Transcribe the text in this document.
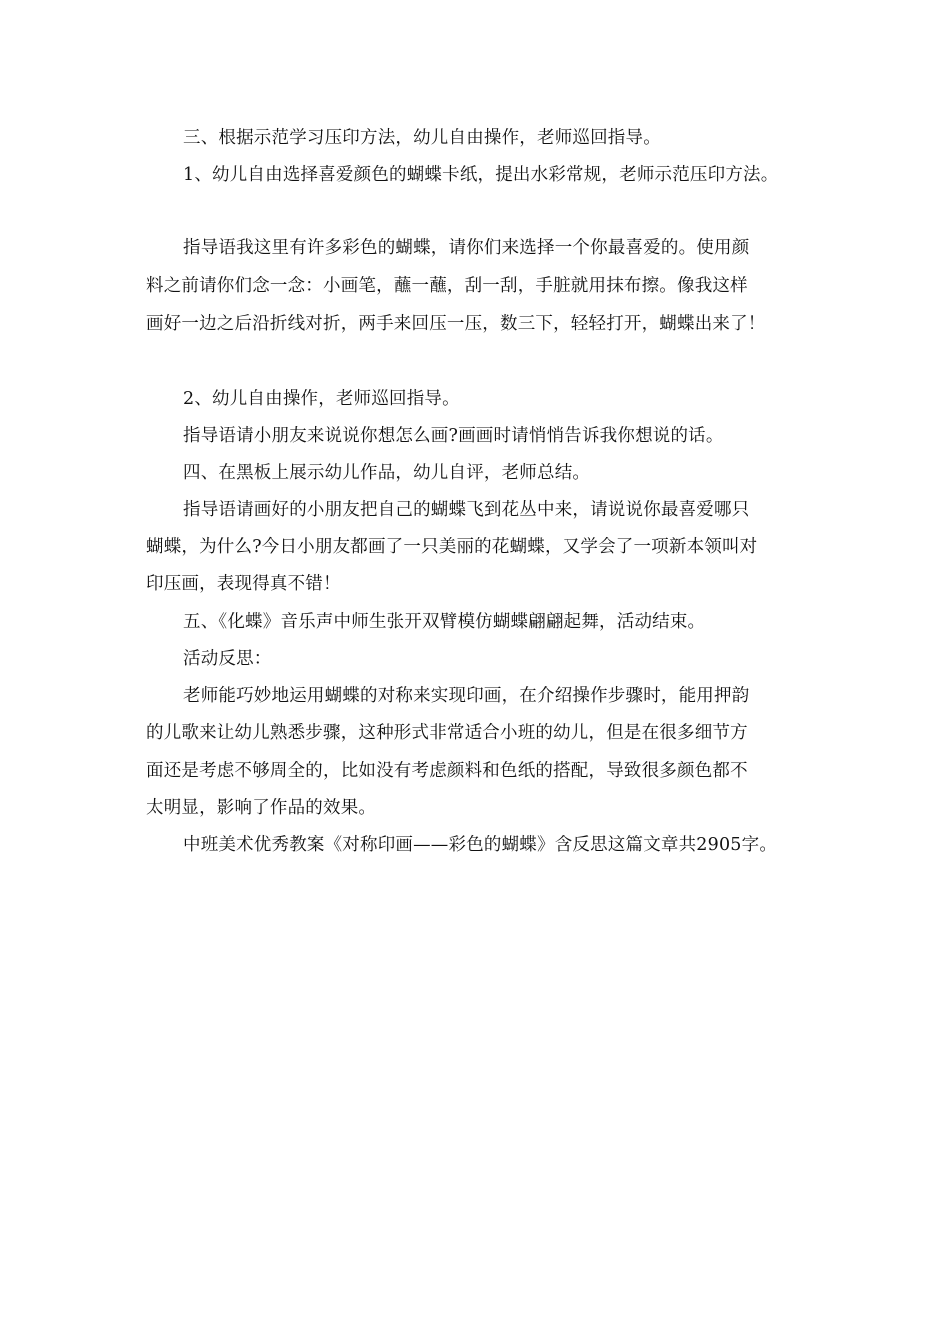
三、根据示范学习压印方法，幼儿自由操作，老师巡回指导。
1、幼儿自由选择喜爱颜色的蝴蝶卡纸，提出水彩常规，老师示范压印方法。
指导语我这里有许多彩色的蝴蝶，请你们来选择一个你最喜爱的。使用颜
料之前请你们念一念：小画笔，蘸一蘸，刮一刮，手脏就用抹布擦。像我这样
画好一边之后沿折线对折，两手来回压一压，数三下，轻轻打开，蝴蝶出来了！
2、幼儿自由操作，老师巡回指导。
指导语请小朋友来说说你想怎么画?画画时请悄悄告诉我你想说的话。
四、在黑板上展示幼儿作品，幼儿自评，老师总结。
指导语请画好的小朋友把自己的蝴蝶飞到花丛中来，请说说你最喜爱哪只
蝴蝶，为什么?今日小朋友都画了一只美丽的花蝴蝶，又学会了一项新本领叫对
印压画，表现得真不错！
五、《化蝶》音乐声中师生张开双臂模仿蝴蝶翩翩起舞，活动结束。
活动反思：
老师能巧妙地运用蝴蝶的对称来实现印画，在介绍操作步骤时，能用押韵
的儿歌来让幼儿熟悉步骤，这种形式非常适合小班的幼儿，但是在很多细节方
面还是考虑不够周全的，比如没有考虑颜料和色纸的搭配，导致很多颜色都不
太明显，影响了作品的效果。
中班美术优秀教案《对称印画——彩色的蝴蝶》含反思这篇文章共2905字。
